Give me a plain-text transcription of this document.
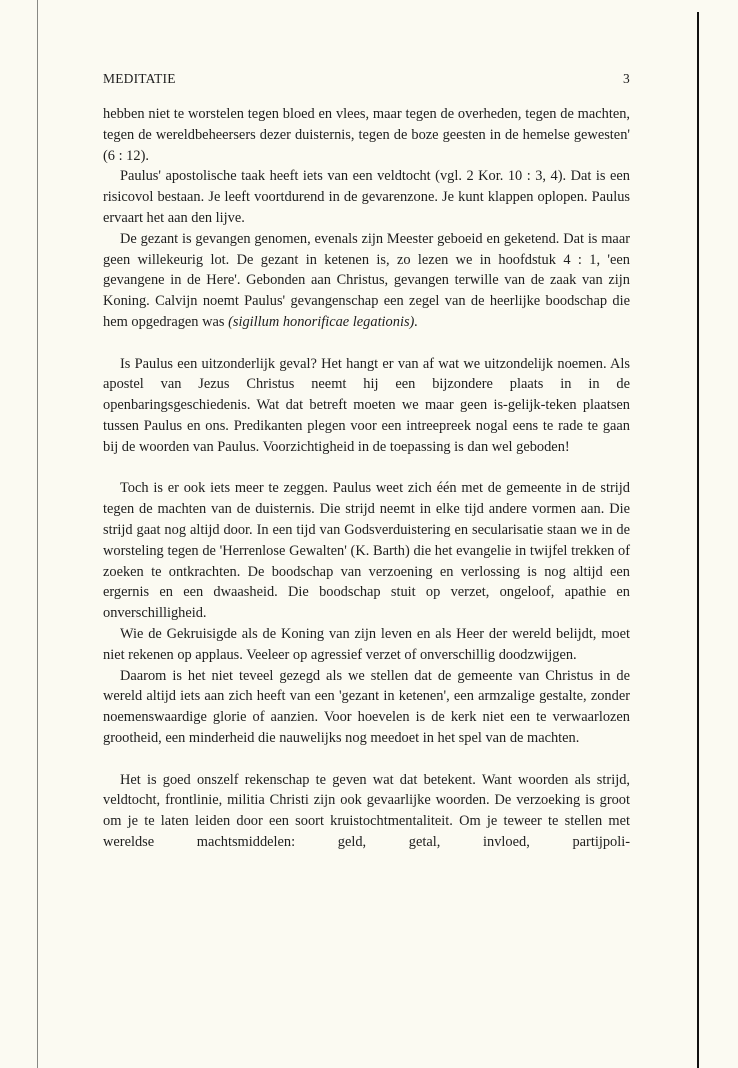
MEDITATIE	3

hebben niet te worstelen tegen bloed en vlees, maar tegen de overheden, tegen de machten, tegen de wereldbeheersers dezer duisternis, tegen de boze geesten in de hemelse gewesten' (6 : 12).

Paulus' apostolische taak heeft iets van een veldtocht (vgl. 2 Kor. 10 : 3, 4). Dat is een risicovol bestaan. Je leeft voortdurend in de gevarenzone. Je kunt klappen oplopen. Paulus ervaart het aan den lijve.

De gezant is gevangen genomen, evenals zijn Meester geboeid en geketend. Dat is maar geen willekeurig lot. De gezant in ketenen is, zo lezen we in hoofdstuk 4 : 1, 'een gevangene in de Here'. Gebonden aan Christus, gevangen terwille van de zaak van zijn Koning. Calvijn noemt Paulus' gevangenschap een zegel van de heerlijke boodschap die hem opgedragen was (sigillum honorificae legationis).

Is Paulus een uitzonderlijk geval? Het hangt er van af wat we uitzondelijk noemen. Als apostel van Jezus Christus neemt hij een bijzondere plaats in in de openbaringsgeschiedenis. Wat dat betreft moeten we maar geen is-gelijk-teken plaatsen tussen Paulus en ons. Predikanten plegen voor een intreepreek nogal eens te rade te gaan bij de woorden van Paulus. Voorzichtigheid in de toepassing is dan wel geboden!

Toch is er ook iets meer te zeggen. Paulus weet zich één met de gemeente in de strijd tegen de machten van de duisternis. Die strijd neemt in elke tijd andere vormen aan. Die strijd gaat nog altijd door. In een tijd van Godsverduistering en secularisatie staan we in de worsteling tegen de 'Herrenlose Gewalten' (K. Barth) die het evangelie in twijfel trekken of zoeken te ontkrachten. De boodschap van verzoening en verlossing is nog altijd een ergernis en een dwaasheid. Die boodschap stuit op verzet, ongeloof, apathie en onverschilligheid.

Wie de Gekruisigde als de Koning van zijn leven en als Heer der wereld belijdt, moet niet rekenen op applaus. Veeleer op agressief verzet of onverschillig doodzwijgen.

Daarom is het niet teveel gezegd als we stellen dat de gemeente van Christus in de wereld altijd iets aan zich heeft van een 'gezant in ketenen', een armzalige gestalte, zonder noemenswaardige glorie of aanzien. Voor hoevelen is de kerk niet een te verwaarlozen grootheid, een minderheid die nauwelijks nog meedoet in het spel van de machten.

Het is goed onszelf rekenschap te geven wat dat betekent. Want woorden als strijd, veldtocht, frontlinie, militia Christi zijn ook gevaarlijke woorden. De verzoeking is groot om je te laten leiden door een soort kruistochtmentaliteit. Om je teweer te stellen met wereldse machtsmiddelen: geld, getal, invloed, partijpoli-
